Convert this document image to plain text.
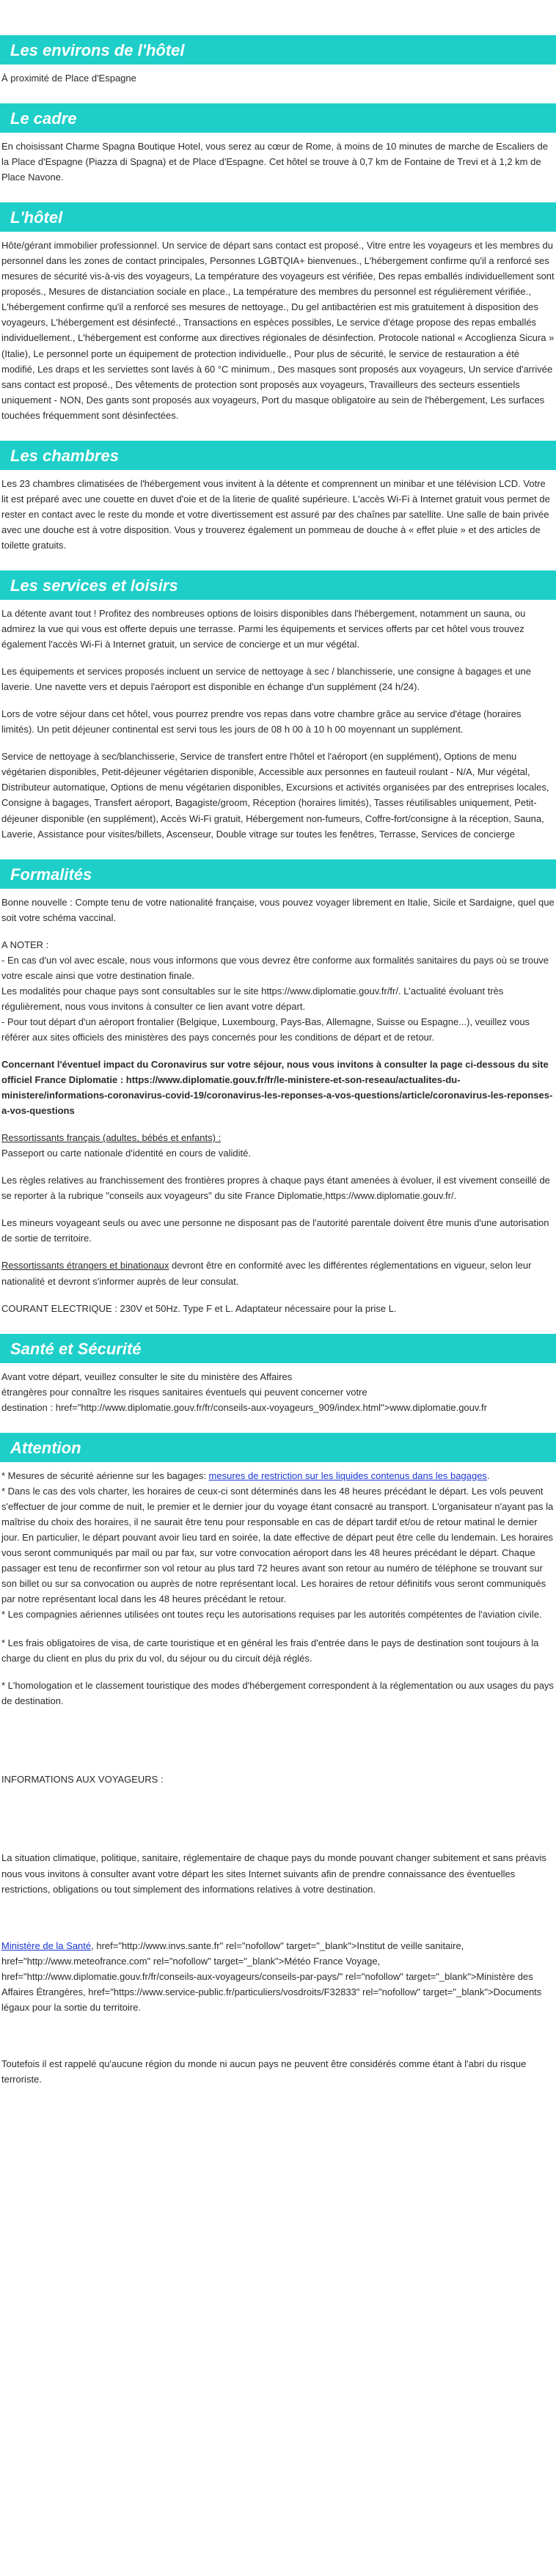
Les environs de l'hôtel

À proximité de Place d'Espagne

Le cadre

En choisissant Charme Spagna Boutique Hotel, vous serez au cœur de Rome, à moins de 10 minutes de marche de Escaliers de la Place d'Espagne (Piazza di Spagna) et de Place d'Espagne. Cet hôtel se trouve à 0,7 km de Fontaine de Trevi et à 1,2 km de Place Navone.

L'hôtel

Hôte/gérant immobilier professionnel. Un service de départ sans contact est proposé., Vitre entre les voyageurs et les membres du personnel dans les zones de contact principales, Personnes LGBTQIA+ bienvenues., L'hébergement confirme qu'il a renforcé ses mesures de sécurité vis-à-vis des voyageurs, La température des voyageurs est vérifiée, Des repas emballés individuellement sont proposés., Mesures de distanciation sociale en place., La température des membres du personnel est régulièrement vérifiée., L'hébergement confirme qu'il a renforcé ses mesures de nettoyage., Du gel antibactérien est mis gratuitement à disposition des voyageurs, L'hébergement est désinfecté., Transactions en espèces possibles, Le service d'étage propose des repas emballés individuellement., L'hébergement est conforme aux directives régionales de désinfection. Protocole national « Accoglienza Sicura » (Italie), Le personnel porte un équipement de protection individuelle., Pour plus de sécurité, le service de restauration a été modifié, Les draps et les serviettes sont lavés à 60 °C minimum., Des masques sont proposés aux voyageurs, Un service d'arrivée sans contact est proposé., Des vêtements de protection sont proposés aux voyageurs, Travailleurs des secteurs essentiels uniquement - NON, Des gants sont proposés aux voyageurs, Port du masque obligatoire au sein de l'hébergement, Les surfaces touchées fréquemment sont désinfectées.

Les chambres

Les 23 chambres climatisées de l'hébergement vous invitent à la détente et comprennent un minibar et une télévision LCD. Votre lit est préparé avec une couette en duvet d'oie et de la literie de qualité supérieure. L'accès Wi-Fi à Internet gratuit vous permet de rester en contact avec le reste du monde et votre divertissement est assuré par des chaînes par satellite. Une salle de bain privée avec une douche est à votre disposition. Vous y trouverez également un pommeau de douche à « effet pluie » et des articles de toilette gratuits.

Les services et loisirs

La détente avant tout ! Profitez des nombreuses options de loisirs disponibles dans l'hébergement, notamment un sauna, ou admirez la vue qui vous est offerte depuis une terrasse. Parmi les équipements et services offerts par cet hôtel vous trouvez également l'accès Wi-Fi à Internet gratuit, un service de concierge et un mur végétal.

Les équipements et services proposés incluent un service de nettoyage à sec / blanchisserie, une consigne à bagages et une laverie. Une navette vers et depuis l'aéroport est disponible en échange d'un supplément (24 h/24).

Lors de votre séjour dans cet hôtel, vous pourrez prendre vos repas dans votre chambre grâce au service d'étage (horaires limités). Un petit déjeuner continental est servi tous les jours de 08 h 00 à 10 h 00 moyennant un supplément.

Service de nettoyage à sec/blanchisserie, Service de transfert entre l'hôtel et l'aéroport (en supplément), Options de menu végétarien disponibles, Petit-déjeuner végétarien disponible, Accessible aux personnes en fauteuil roulant - N/A, Mur végétal, Distributeur automatique, Options de menu végétarien disponibles, Excursions et activités organisées par des entreprises locales, Consigne à bagages, Transfert aéroport, Bagagiste/groom, Réception (horaires limités), Tasses réutilisables uniquement, Petit-déjeuner disponible (en supplément), Accès Wi-Fi gratuit, Hébergement non-fumeurs, Coffre-fort/consigne à la réception, Sauna, Laverie, Assistance pour visites/billets, Ascenseur, Double vitrage sur toutes les fenêtres, Terrasse, Services de concierge

Formalités

Bonne nouvelle : Compte tenu de votre nationalité française, vous pouvez voyager librement en Italie, Sicile et Sardaigne, quel que soit votre schéma vaccinal.

A NOTER :
- En cas d'un vol avec escale, nous vous informons que vous devrez être conforme aux formalités sanitaires du pays où se trouve votre escale ainsi que votre destination finale.
Les modalités pour chaque pays sont consultables sur le site https://www.diplomatie.gouv.fr/fr/. L'actualité évoluant très régulièrement, nous vous invitons à consulter ce lien avant votre départ.
- Pour tout départ d'un aéroport frontalier (Belgique, Luxembourg, Pays-Bas, Allemagne, Suisse ou Espagne...), veuillez vous référer aux sites officiels des ministères des pays concernés pour les conditions de départ et de retour.

Concernant l'éventuel impact du Coronavirus sur votre séjour, nous vous invitons à consulter la page ci-dessous du site officiel France Diplomatie : https://www.diplomatie.gouv.fr/fr/le-ministere-et-son-reseau/actualites-du-ministere/informations-coronavirus-covid-19/coronavirus-les-reponses-a-vos-questions/article/coronavirus-les-reponses-a-vos-questions

Ressortissants français (adultes, bébés et enfants) :
Passeport ou carte nationale d'identité en cours de validité.

Les règles relatives au franchissement des frontières propres à chaque pays étant amenées à évoluer, il est vivement conseillé de se reporter à la rubrique "conseils aux voyageurs" du site France Diplomatie,https://www.diplomatie.gouv.fr/.

Les mineurs voyageant seuls ou avec une personne ne disposant pas de l'autorité parentale doivent être munis d'une autorisation de sortie de territoire.

Ressortissants étrangers et binationaux devront être en conformité avec les différentes réglementations en vigueur, selon leur nationalité et devront s'informer auprès de leur consulat.

COURANT ELECTRIQUE : 230V et 50Hz. Type F et L. Adaptateur nécessaire pour la prise L.

Santé et Sécurité
Avant votre départ, veuillez consulter le site du ministère des Affaires
étrangères pour connaître les risques sanitaires éventuels qui peuvent concerner votre
destination : href="http://www.diplomatie.gouv.fr/fr/conseils-aux-voyageurs_909/index.html">www.diplomatie.gouv.fr
Attention
* Mesures de sécurité aérienne sur les bagages: mesures de restriction sur les liquides contenus dans les bagages.
* Dans le cas des vols charter, les horaires de ceux-ci sont déterminés dans les 48 heures précédant le départ. Les vols peuvent s'effectuer de jour comme de nuit, le premier et le dernier jour du voyage étant consacré au transport. L'organisateur n'ayant pas la maîtrise du choix des horaires, il ne saurait être tenu pour responsable en cas de départ tardif et/ou de retour matinal le dernier jour. En particulier, le départ pouvant avoir lieu tard en soirée, la date effective de départ peut être celle du lendemain. Les horaires vous seront communiqués par mail ou par fax, sur votre convocation aéroport dans les 48 heures précédant le départ. Chaque passager est tenu de reconfirmer son vol retour au plus tard 72 heures avant son retour au numéro de téléphone se trouvant sur son billet ou sur sa convocation ou auprès de notre représentant local. Les horaires de retour définitifs vous seront communiqués par notre représentant local dans les 48 heures précédant le retour.
* Les compagnies aériennes utilisées ont toutes reçu les autorisations requises par les autorités compétentes de l'aviation civile.

* Les frais obligatoires de visa, de carte touristique et en général les frais d'entrée dans le pays de destination sont toujours à la charge du client en plus du prix du vol, du séjour ou du circuit déjà réglés.

* L'homologation et le classement touristique des modes d'hébergement correspondent à la réglementation ou aux usages du pays de destination.

INFORMATIONS AUX VOYAGEURS :

La situation climatique, politique, sanitaire, réglementaire de chaque pays du monde pouvant changer subitement et sans préavis
nous vous invitons à consulter avant votre départ les sites Internet suivants afin de prendre connaissance des éventuelles restrictions, obligations ou tout simplement des informations relatives à votre destination.

Ministère de la Santé, href="http://www.invs.sante.fr" rel="nofollow" target="_blank">Institut de veille sanitaire, href="http://www.meteofrance.com" rel="nofollow" target="_blank">Météo France Voyage, href="http://www.diplomatie.gouv.fr/fr/conseils-aux-voyageurs/conseils-par-pays/" rel="nofollow" target="_blank">Ministère des Affaires Étrangères, href="https://www.service-public.fr/particuliers/vosdroits/F32833" rel="nofollow" target="_blank">Documents légaux pour la sortie du territoire.

Toutefois il est rappelé qu'aucune région du monde ni aucun pays ne peuvent être considérés comme étant à l'abri du risque terroriste.
